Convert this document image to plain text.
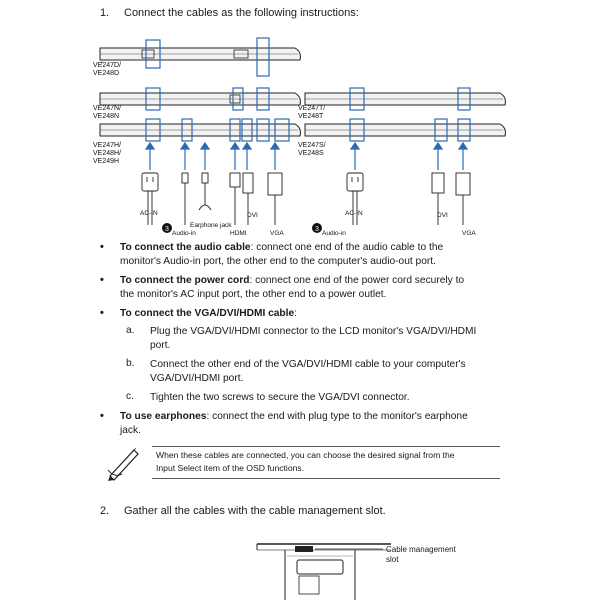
1. Connect the cables as the following instructions:
3	3
VE247D/
VE248D
VE247N/
VE248N
VE247H/
VE248H/
VE249H
VE247T/
VE248T
VE247S/
VE248S
AC-IN
Earphone jack
Audio-in	HDMI
DVI
VGA
AC-IN	DVI
Audio-in	VGA
• To connect the audio cable: connect one end of the audio cable to the
monitor's Audio-in port, the other end to the computer's audio-out port.
• To connect the power cord: connect one end of the power cord securely to
the monitor's AC input port, the other end to a power outlet.
• To connect the VGA/DVI/HDMI cable:
a. Plug the VGA/DVI/HDMI connector to the LCD monitor's VGA/DVI/HDMI
port.
b. Connect the other end of the VGA/DVI/HDMI cable to your computer's
VGA/DVI/HDMI port.
c. Tighten the two screws to secure the VGA/DVI connector.
• To use earphones: connect the end with plug type to the monitor's earphone
jack.
When these cables are connected, you can choose the desired signal from the
Input Select item of the OSD functions.
2. Gather all the cables with the cable management slot.
Cable management
slot
